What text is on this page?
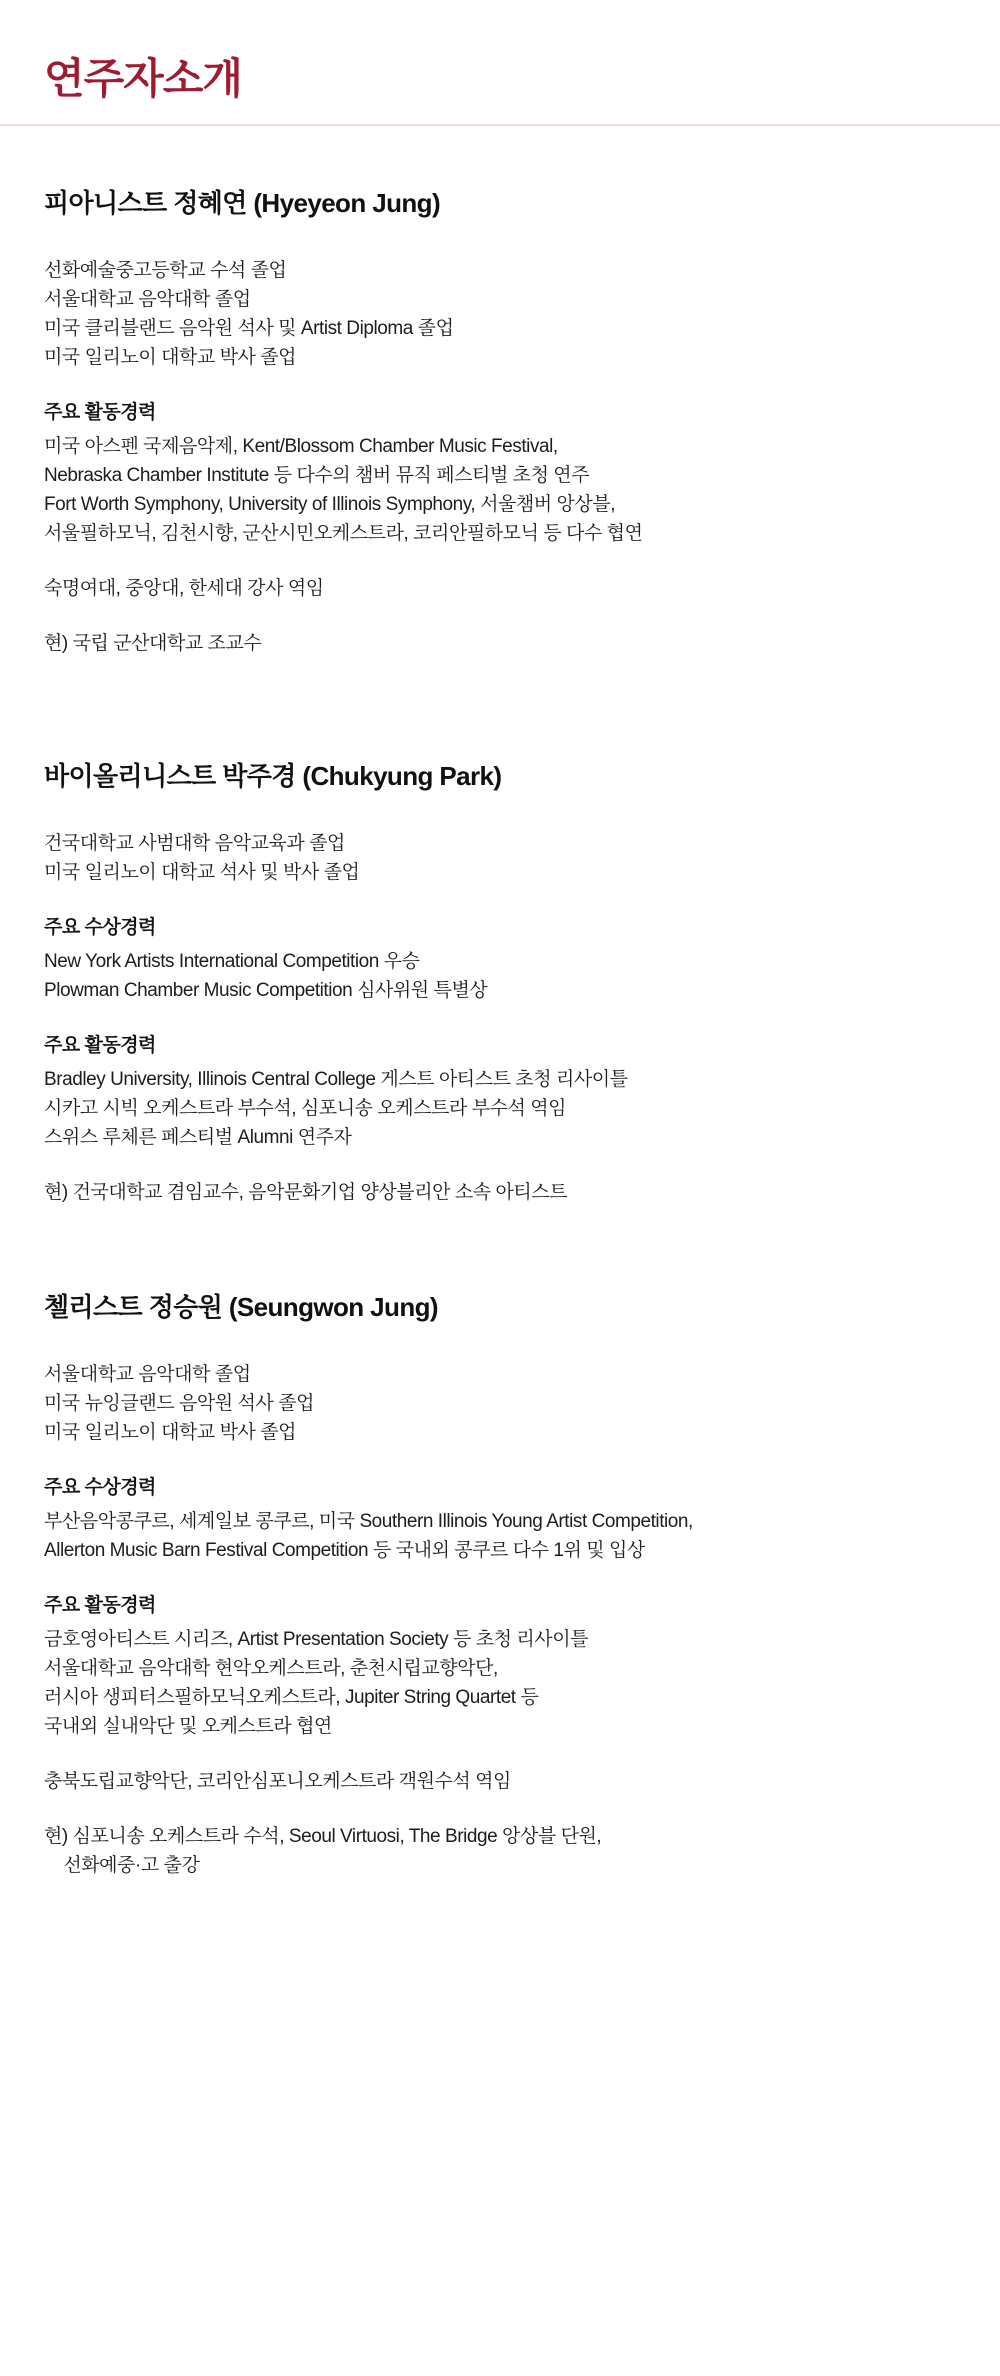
연주자소개
피아니스트 정혜연 (Hyeyeon Jung)
선화예술중고등학교 수석 졸업
서울대학교 음악대학 졸업
미국 클리블랜드 음악원 석사 및 Artist Diploma 졸업
미국 일리노이 대학교 박사 졸업
주요 활동경력
미국 아스펜 국제음악제, Kent/Blossom Chamber Music Festival,
Nebraska Chamber Institute 등 다수의 챔버 뮤직 페스티벌 초청 연주
Fort Worth Symphony, University of Illinois Symphony, 서울챔버 앙상블,
서울필하모닉, 김천시향, 군산시민오케스트라, 코리안필하모닉 등 다수 협연
숙명여대, 중앙대, 한세대 강사 역임
현) 국립 군산대학교 조교수
바이올리니스트 박주경 (Chukyung Park)
건국대학교 사범대학 음악교육과 졸업
미국 일리노이 대학교 석사 및 박사 졸업
주요 수상경력
New York Artists International Competition 우승
Plowman Chamber Music Competition 심사위원 특별상
주요 활동경력
Bradley University, Illinois Central College 게스트 아티스트 초청 리사이틀
시카고 시빅 오케스트라 부수석, 심포니송 오케스트라 부수석 역임
스위스 루체른 페스티벌 Alumni 연주자
현) 건국대학교 겸임교수, 음악문화기업 양상블리안 소속 아티스트
첼리스트 정승원 (Seungwon Jung)
서울대학교 음악대학 졸업
미국 뉴잉글랜드 음악원 석사 졸업
미국 일리노이 대학교 박사 졸업
주요 수상경력
부산음악콩쿠르, 세계일보 콩쿠르, 미국 Southern Illinois Young Artist Competition,
Allerton Music Barn Festival Competition 등 국내외 콩쿠르 다수 1위 및 입상
주요 활동경력
금호영아티스트 시리즈, Artist Presentation Society 등 초청 리사이틀
서울대학교 음악대학 현악오케스트라, 춘천시립교향악단,
러시아 생피터스필하모닉오케스트라, Jupiter String Quartet 등
국내외 실내악단 및 오케스트라 협연
충북도립교향악단, 코리안심포니오케스트라 객원수석 역임
현) 심포니송 오케스트라 수석, Seoul Virtuosi, The Bridge 앙상블 단원,
선화예중·고 출강
